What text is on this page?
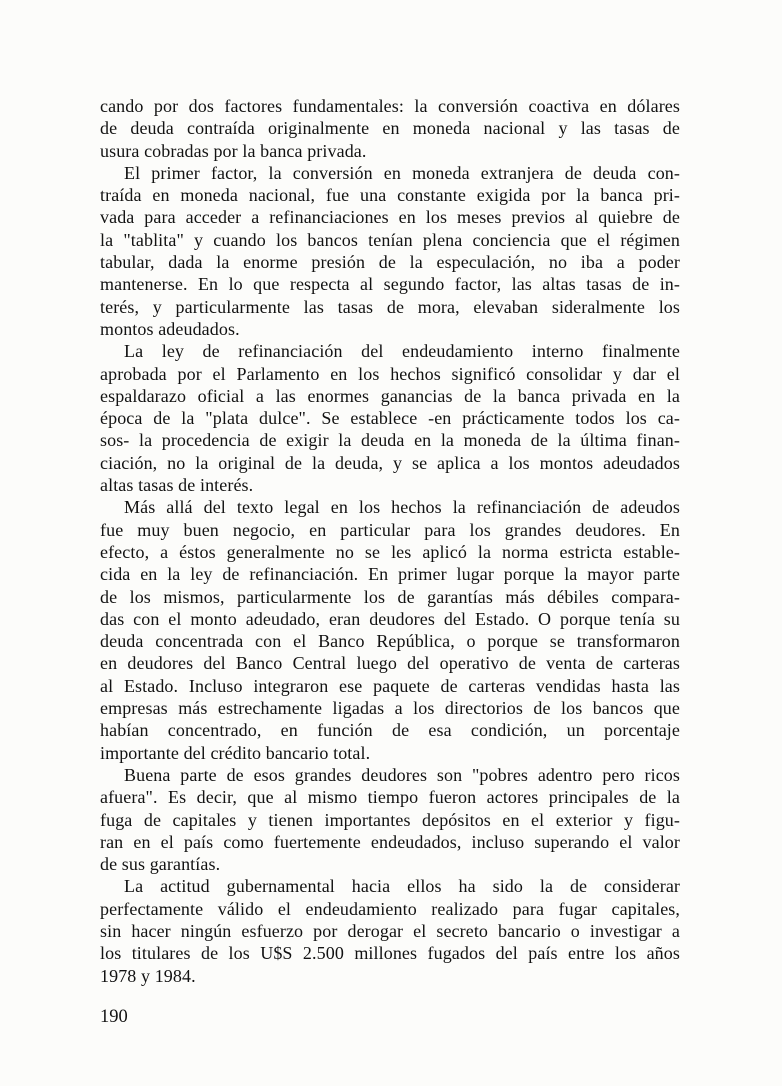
cando por dos factores fundamentales: la conversión coactiva en dólares
de deuda contraída originalmente en moneda nacional y las tasas de
usura cobradas por la banca privada.
El primer factor, la conversión en moneda extranjera de deuda con-
traída en moneda nacional, fue una constante exigida por la banca pri-
vada para acceder a refinanciaciones en los meses previos al quiebre de
la "tablita" y cuando los bancos tenían plena conciencia que el régimen
tabular, dada la enorme presión de la especulación, no iba a poder
mantenerse. En lo que respecta al segundo factor, las altas tasas de in-
terés, y particularmente las tasas de mora, elevaban sideralmente los
montos adeudados.
La ley de refinanciación del endeudamiento interno finalmente
aprobada por el Parlamento en los hechos significó consolidar y dar el
espaldarazo oficial a las enormes ganancias de la banca privada en la
época de la "plata dulce". Se establece -en prácticamente todos los ca-
sos- la procedencia de exigir la deuda en la moneda de la última finan-
ciación, no la original de la deuda, y se aplica a los montos adeudados
altas tasas de interés.
Más allá del texto legal en los hechos la refinanciación de adeudos
fue muy buen negocio, en particular para los grandes deudores. En
efecto, a éstos generalmente no se les aplicó la norma estricta estable-
cida en la ley de refinanciación. En primer lugar porque la mayor parte
de los mismos, particularmente los de garantías más débiles compara-
das con el monto adeudado, eran deudores del Estado. O porque tenía su
deuda concentrada con el Banco República, o porque se transformaron
en deudores del Banco Central luego del operativo de venta de carteras
al Estado. Incluso integraron ese paquete de carteras vendidas hasta las
empresas más estrechamente ligadas a los directorios de los bancos que
habían concentrado, en función de esa condición, un porcentaje
importante del crédito bancario total.
Buena parte de esos grandes deudores son "pobres adentro pero ricos
afuera". Es decir, que al mismo tiempo fueron actores principales de la
fuga de capitales y tienen importantes depósitos en el exterior y figu-
ran en el país como fuertemente endeudados, incluso superando el valor
de sus garantías.
La actitud gubernamental hacia ellos ha sido la de considerar
perfectamente válido el endeudamiento realizado para fugar capitales,
sin hacer ningún esfuerzo por derogar el secreto bancario o investigar a
los titulares de los U$S 2.500 millones fugados del país entre los años
1978 y 1984.
190
